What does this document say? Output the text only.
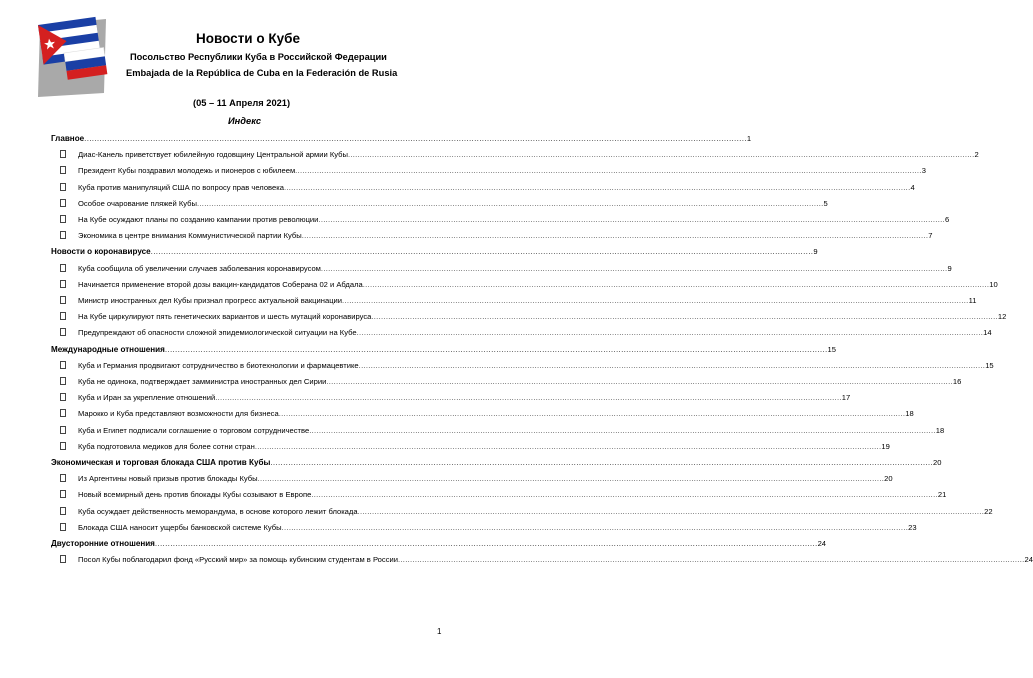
Новости о Кубе
Посольство Республики Куба в Российской Федерации
Embajada de la República de Cuba en la Federación de Rusia
(05 – 11 Апреля 2021)
Индекс
Главное .................................................................................................................................................................................................................................................................... 1
Диас-Канель приветствует юбилейную годовщину Центральной армии Кубы .................................................................................................................................................................................................................................................................... 2
Президент Кубы поздравил молодежь и пионеров с юбилеем .................................................................................................................................................................................................................................................................... 3
Куба против манипуляций США по вопросу прав человека .................................................................................................................................................................................................................................................................... 4
Особое очарование пляжей Кубы .................................................................................................................................................................................................................................................................... 5
На Кубе осуждают планы по созданию кампании против революции .................................................................................................................................................................................................................................................................... 6
Экономика в центре внимания Коммунистической партии Кубы .................................................................................................................................................................................................................................................................... 7
Новости о коронавирусе .................................................................................................................................................................................................................................................................... 9
Куба сообщила об увеличении случаев заболевания коронавирусом .................................................................................................................................................................................................................................................................... 9
Начинается применение второй дозы вакцин-кандидатов Соберана 02 и Абдала .................................................................................................................................................................................................................................................................... 10
Министр иностранных дел Кубы признал прогресс актуальной вакцинации .................................................................................................................................................................................................................................................................... 11
На Кубе циркулируют пять генетических вариантов и шесть мутаций коронавируса .................................................................................................................................................................................................................................................................... 12
Предупреждают об опасности сложной эпидемиологической ситуации на Кубе .................................................................................................................................................................................................................................................................... 14
Международные отношения .................................................................................................................................................................................................................................................................... 15
Куба и Германия продвигают сотрудничество в биотехнологии и фармацевтике .................................................................................................................................................................................................................................................................... 15
Куба не одинока, подтверждает замминистра иностранных дел Сирии .................................................................................................................................................................................................................................................................... 16
Куба и Иран за укрепление отношений .................................................................................................................................................................................................................................................................... 17
Марокко и Куба представляют возможности для бизнеса .................................................................................................................................................................................................................................................................... 18
Куба и Египет подписали соглашение о торговом сотрудничестве .................................................................................................................................................................................................................................................................... 18
Куба подготовила медиков для более сотни стран .................................................................................................................................................................................................................................................................... 19
Экономическая и торговая блокада США против Кубы .................................................................................................................................................................................................................................................................... 20
Из Аргентины новый призыв против блокады Кубы .................................................................................................................................................................................................................................................................... 20
Новый всемирный день против блокады Кубы созывают в Европе .................................................................................................................................................................................................................................................................... 21
Куба осуждает действенность меморандума, в основе которого лежит блокада .................................................................................................................................................................................................................................................................... 22
Блокада США наносит ущербы банковской системе Кубы .................................................................................................................................................................................................................................................................... 23
Двусторонние отношения .................................................................................................................................................................................................................................................................... 24
Посол Кубы поблагодарил фонд «Русский мир» за помощь кубинским студентам в России .................................................................................................................................................................................................................................................................... 24
1
